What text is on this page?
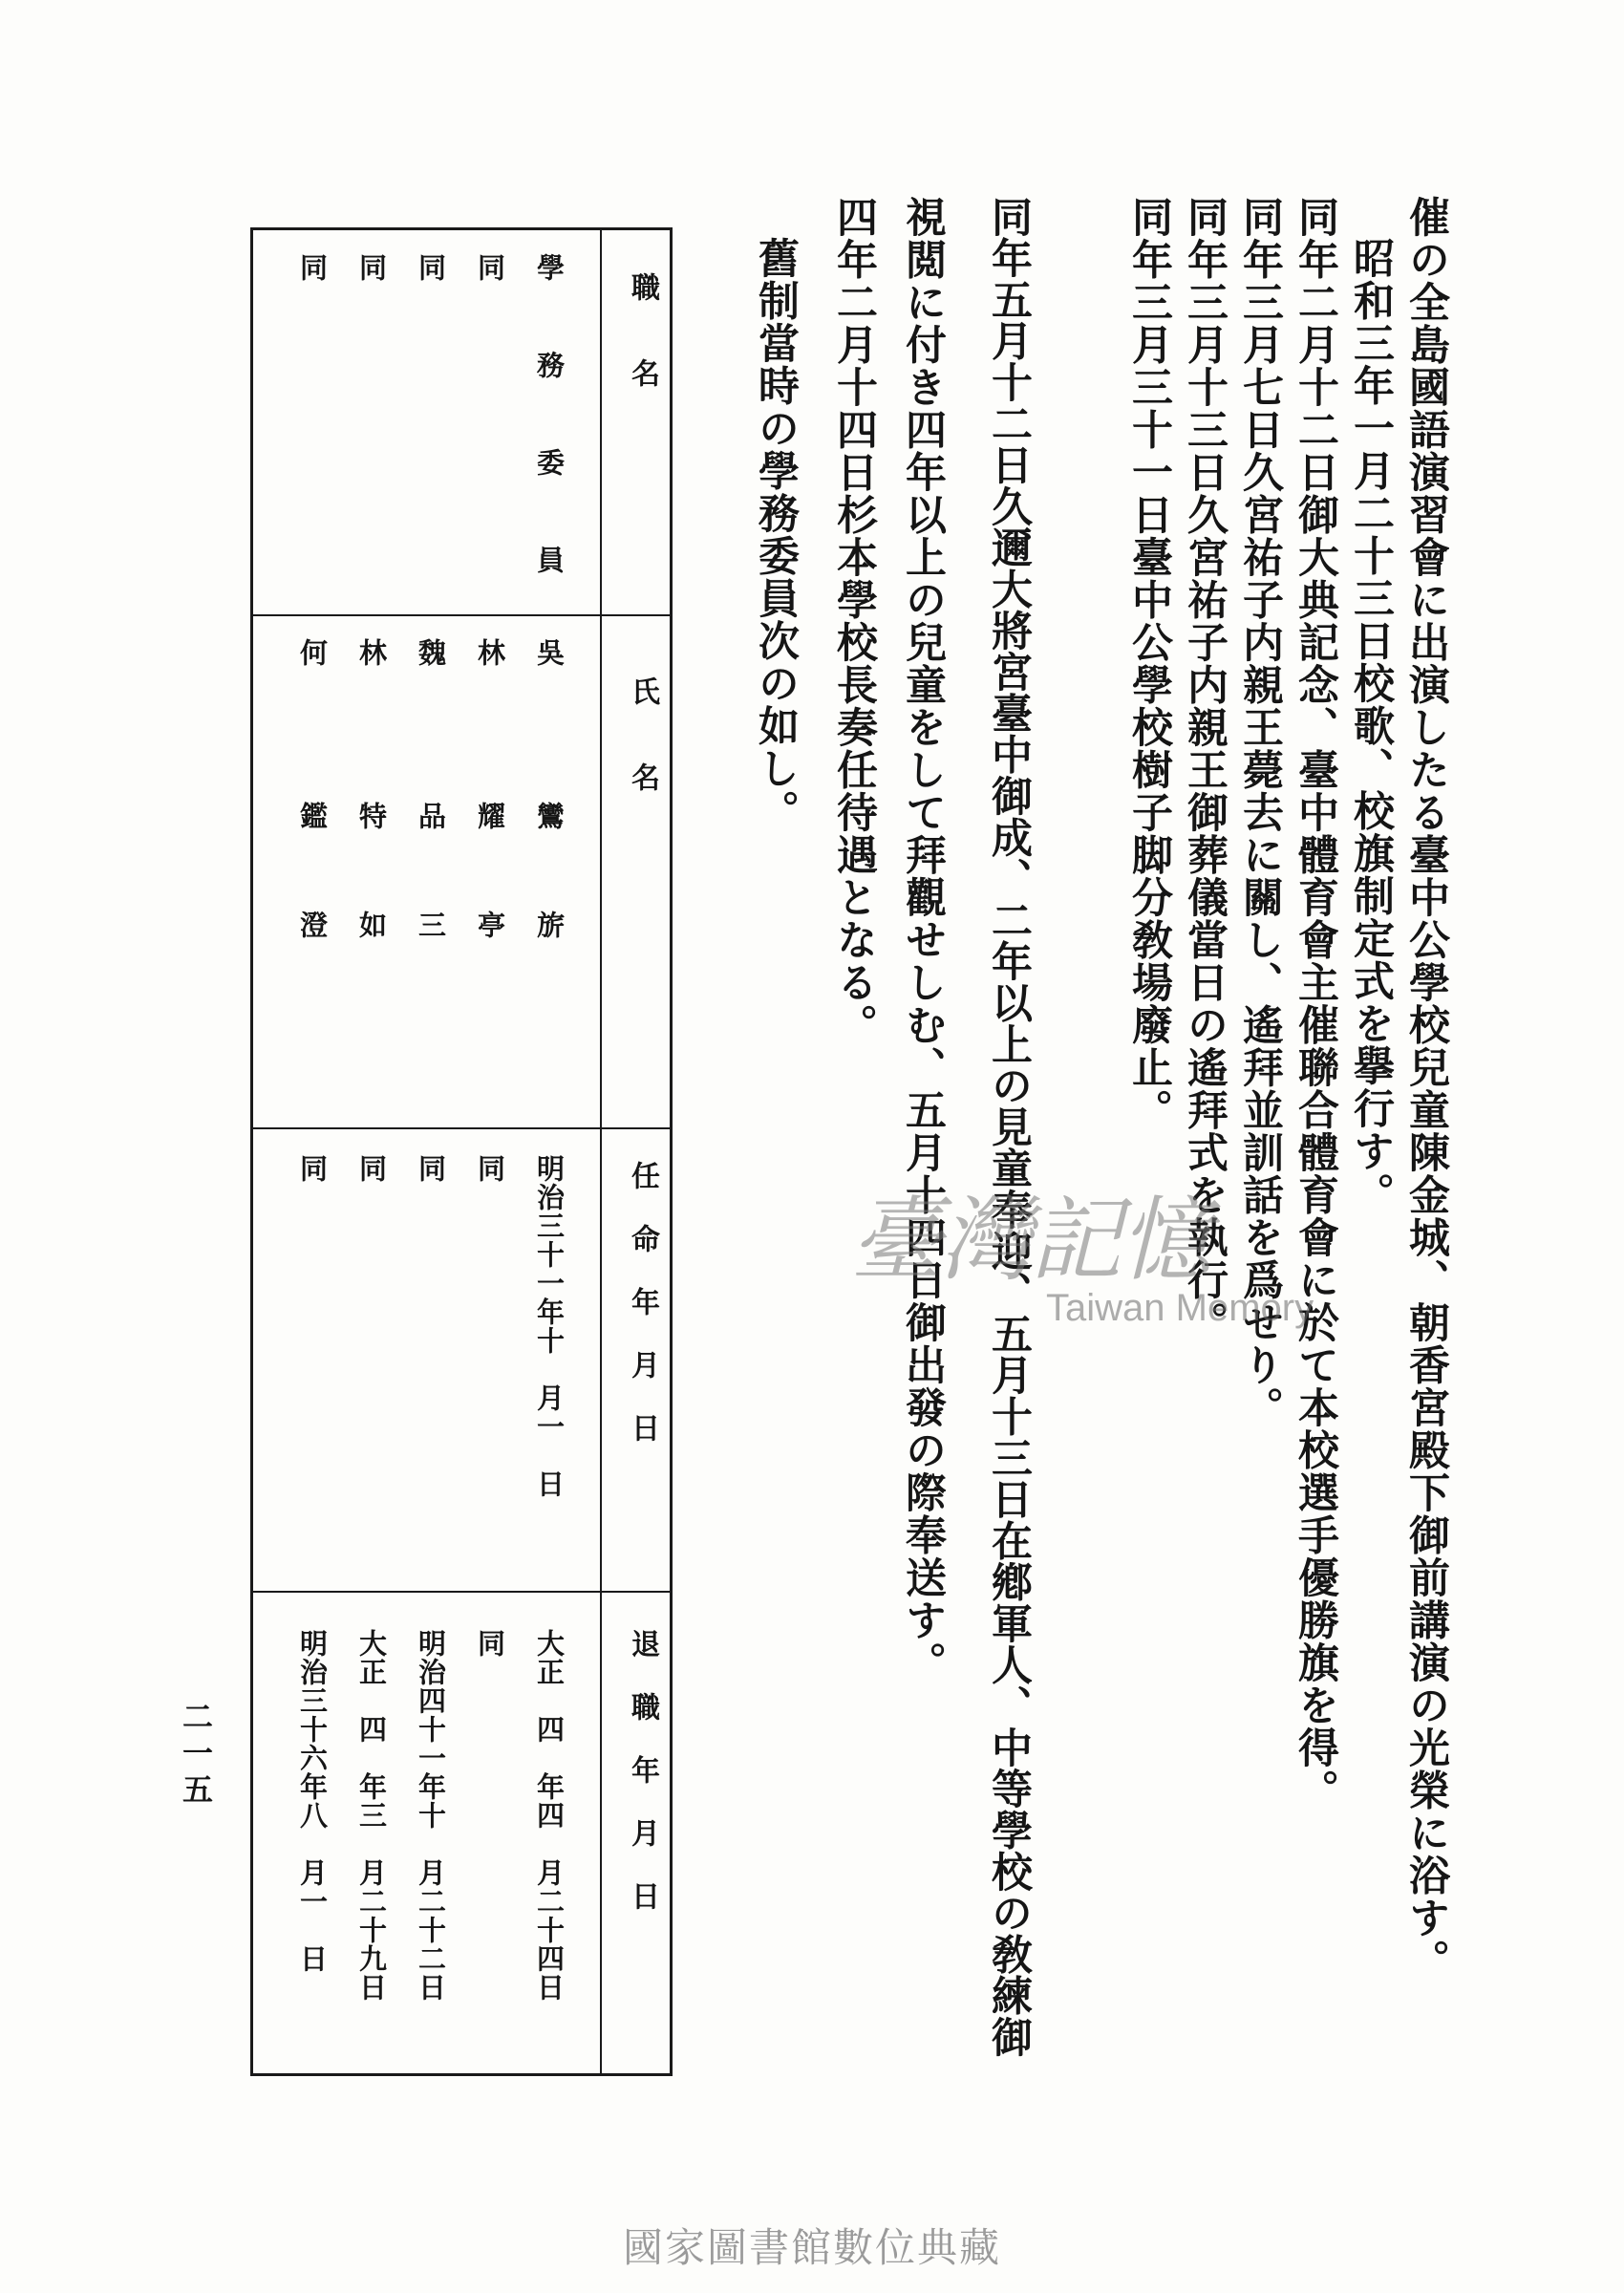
催の全島國語演習會に出演したる臺中公學校兒童陳金城、朝香宮殿下御前講演の光榮に浴す。
昭和三年一月二十三日校歌、校旗制定式を擧行す。
同年二月十二日御大典記念、臺中體育會主催聯合體育會に於て本校選手優勝旗を得。
同年三月七日久宮祐子内親王薨去に關し、遙拜並訓話を爲せり。
同年三月十三日久宮祐子内親王御葬儀當日の遙拜式を執行。
同年三月三十一日臺中公學校樹子脚分敎場廢止。
同年五月十二日久邇大將宮臺中御成、二年以上の見童奉迎、五月十三日在鄕軍人、中等學校の敎練御
視閲に付き四年以上の兒童をして拜觀せしむ、五月十四日御出發の際奉送す。
四年二月十四日杉本學校長奏任待遇となる。
舊制當時の學務委員次の如し。
職　　名
氏　　名
任命年月日
退職年月日
學　務　委　員
吳　　鸞　旂
明治三十一年十　月一　日
大正　四　年四　月二十四日
同
林　　耀　亭
同
同
同
魏　　品　三
同
明治四十一年十　月二十二日
同
林　　特　如
同
大正　四　年三　月二十九日
同
何　　鑑　澄
同
明治三十六年八　月一　日
二一五
臺灣記憶
Taiwan Memory
國家圖書館數位典藏
